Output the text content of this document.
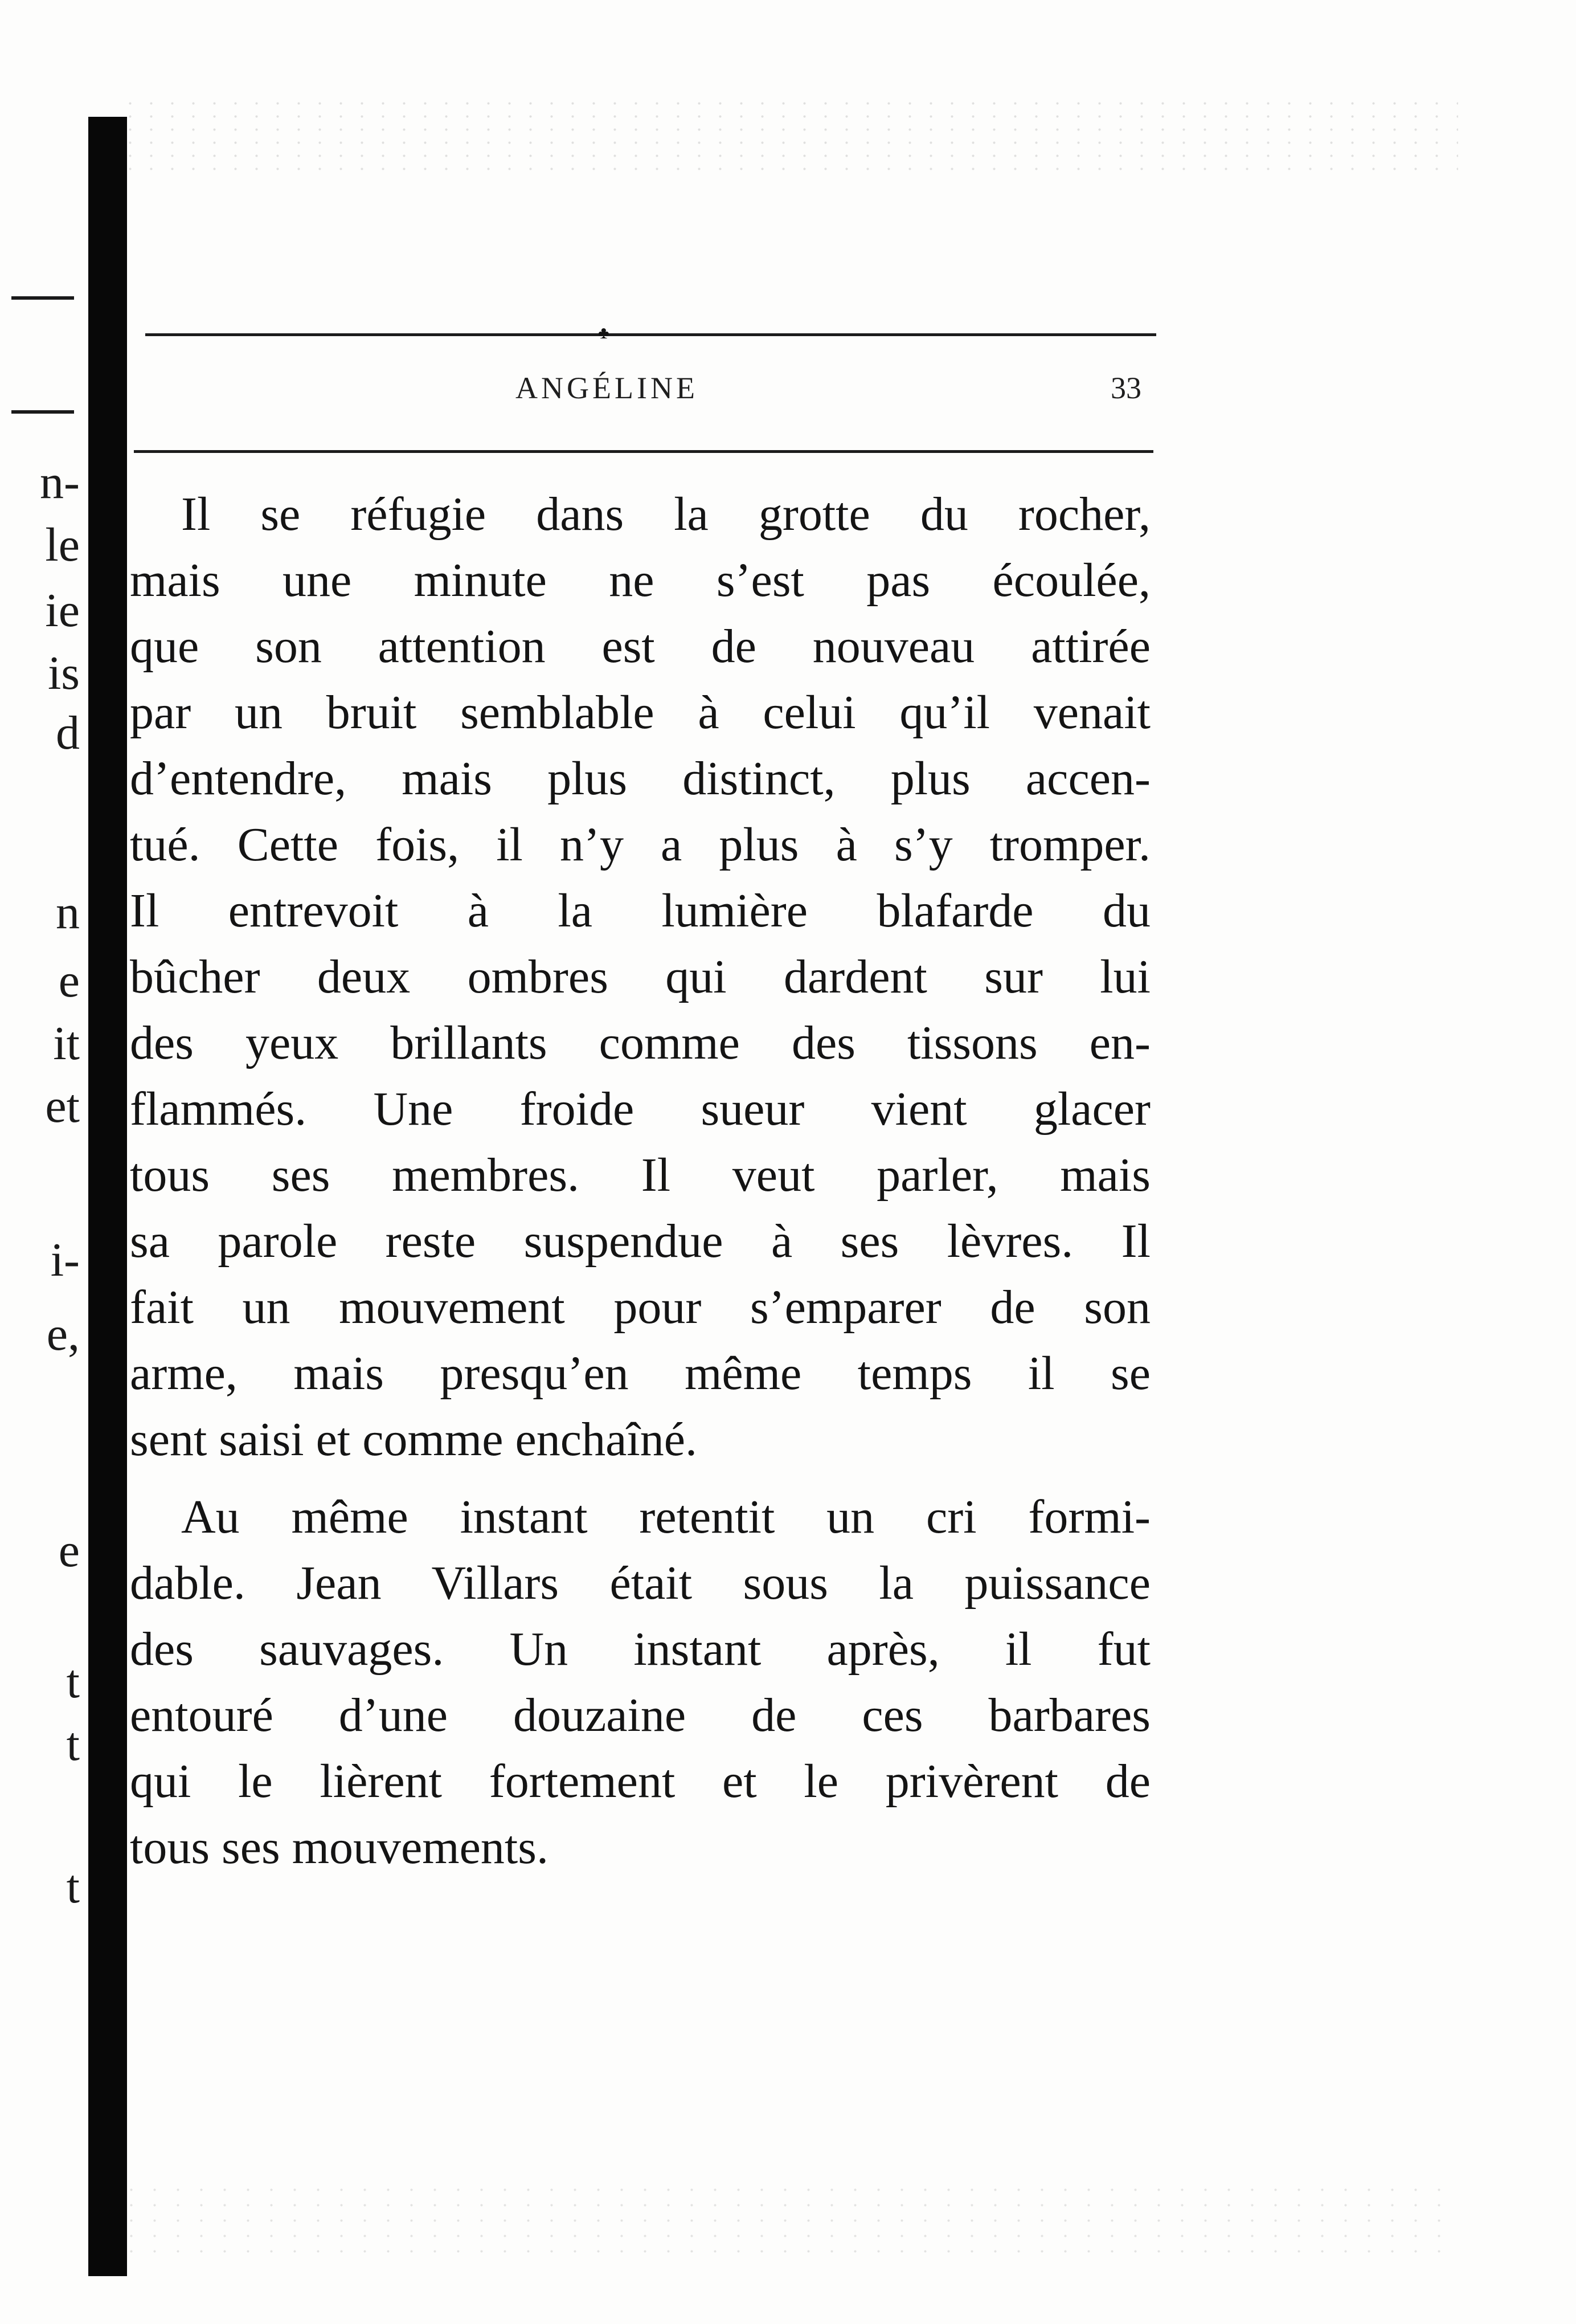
n-
le
ie
is
d
n
e
it
et
i-
e,
e
t
t
t
♣
ANGÉLINE	33
Il se réfugie dans la grotte du rocher,
mais une minute ne s’est pas écoulée,
que son attention est de nouveau attirée
par un bruit semblable à celui qu’il venait
d’entendre, mais plus distinct, plus accen-
tué. Cette fois, il n’y a plus à s’y tromper.
Il entrevoit à la lumière blafarde du
bûcher deux ombres qui dardent sur lui
des yeux brillants comme des tissons en-
flammés. Une froide sueur vient glacer
tous ses membres. Il veut parler, mais
sa parole reste suspendue à ses lèvres. Il
fait un mouvement pour s’emparer de son
arme, mais presqu’en même temps il se
sent saisi et comme enchaîné.
Au même instant retentit un cri formi-
dable. Jean Villars était sous la puissance
des sauvages. Un instant après, il fut
entouré d’une douzaine de ces barbares
qui le lièrent fortement et le privèrent de
tous ses mouvements.
